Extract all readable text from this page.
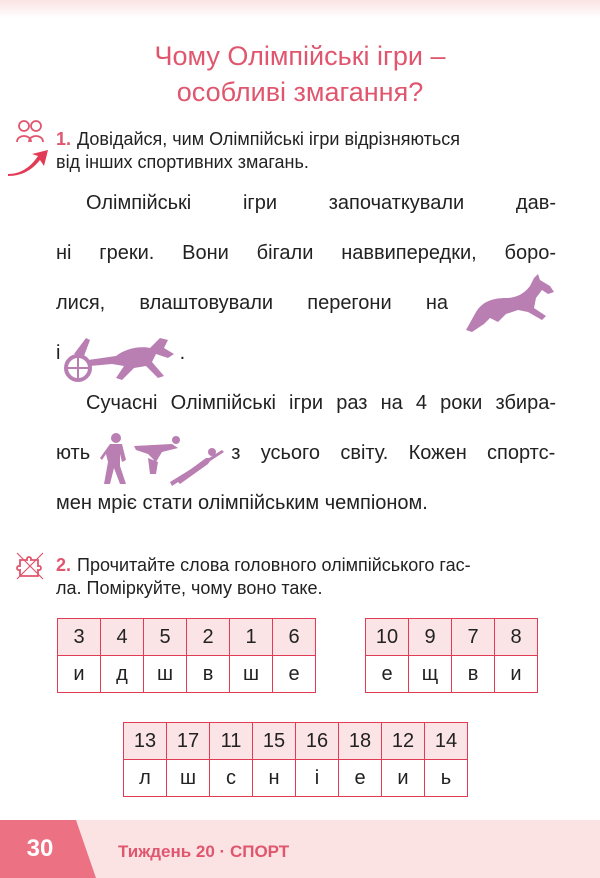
Чому Олімпійські ігри –
особливі змагання?
1. Довідайся, чим Олімпійські ігри відрізняються
від інших спортивних змагань.
Олімпійські ігри започаткували дав-
ні греки. Вони бігали наввипередки, боро-
лися, влаштовували перегони на
і	.
Сучасні Олімпійські ігри раз на 4 роки збира-
ють	з усього світу. Кожен спортс-
мен мріє стати олімпійським чемпіоном.
2. Прочитайте слова головного олімпійського гас-
ла. Поміркуйте, чому воно таке.
3	4	5	2	1	6
и	д	ш	в	ш	е
10	9	7	8
е	щ	в	и
13	17	11	15	16	18	12	14
л	ш	с	н	і	е	и	ь
30	Тиждень 20 · СПОРТ
